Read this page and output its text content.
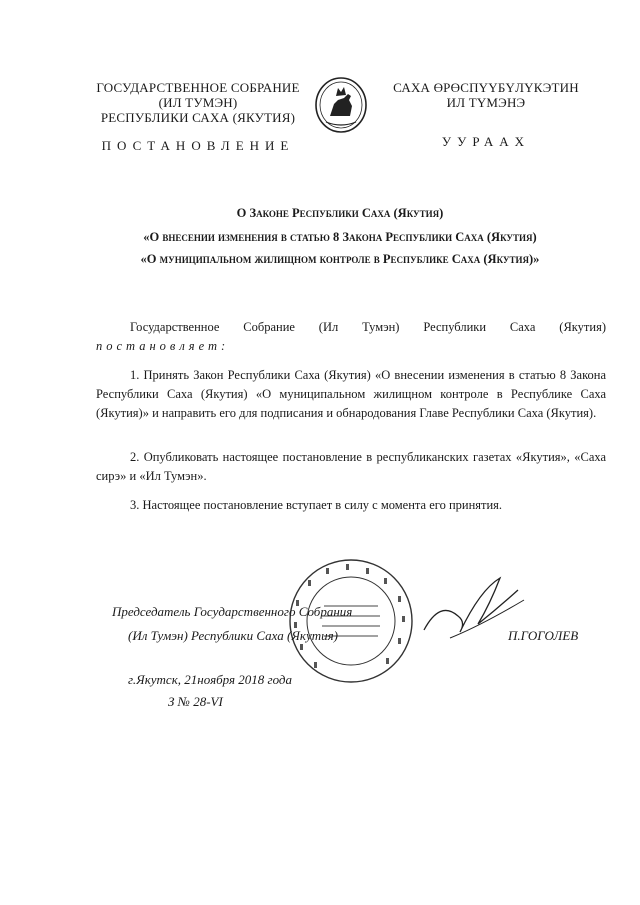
ГОСУДАРСТВЕННОЕ СОБРАНИЕ
(ИЛ ТУМЭН)
РЕСПУБЛИКИ САХА (ЯКУТИЯ)
САХА ӨРӨСПҮҮБҮЛҮКЭТИН
ИЛ ТҮМЭНЭ
ПОСТАНОВЛЕНИЕ	УУРААХ
О Законе Республики Саха (Якутия)
«О внесении изменения в статью 8 Закона Республики Саха (Якутия)
«О муниципальном жилищном контроле в Республике Саха (Якутия)»

Государственное Собрание (Ил Тумэн) Республики Саха (Якутия)

постановляет:

1. Принять Закон Республики Саха (Якутия) «О внесении изменения в статью 8 Закона Республики Саха (Якутия) «О муниципальном жилищном контроле в Республике Саха (Якутия)» и направить его для подписания и обнародования Главе Республики Саха (Якутия).

2. Опубликовать настоящее постановление в республиканских газетах «Якутия», «Саха сирэ» и «Ил Тумэн».

3. Настоящее постановление вступает в силу с момента его принятия.

Председатель Государственного Собрания
(Ил Тумэн) Республики Саха (Якутия)	П.ГОГОЛЕВ
г.Якутск, 21ноября 2018 года
З № 28-VI
